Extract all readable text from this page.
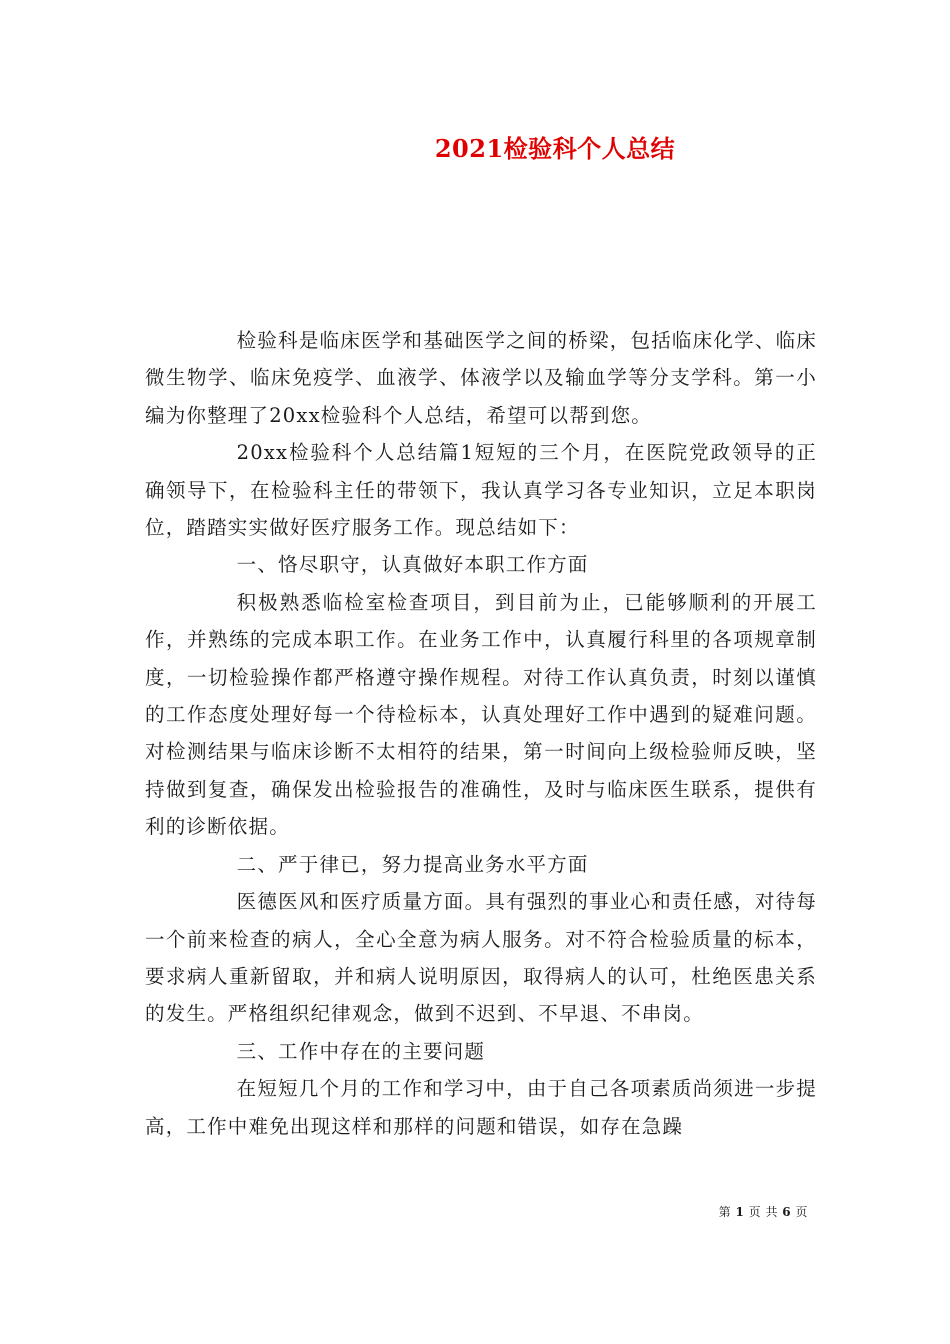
2021检验科个人总结

检验科是临床医学和基础医学之间的桥梁，包括临床化学、临床微生物学、临床免疫学、血液学、体液学以及输血学等分支学科。第一小编为你整理了20xx检验科个人总结，希望可以帮到您。

20xx检验科个人总结篇1短短的三个月，在医院党政领导的正确领导下，在检验科主任的带领下，我认真学习各专业知识，立足本职岗位，踏踏实实做好医疗服务工作。现总结如下：

一、恪尽职守，认真做好本职工作方面

积极熟悉临检室检查项目，到目前为止，已能够顺利的开展工作，并熟练的完成本职工作。在业务工作中，认真履行科里的各项规章制度，一切检验操作都严格遵守操作规程。对待工作认真负责，时刻以谨慎的工作态度处理好每一个待检标本，认真处理好工作中遇到的疑难问题。对检测结果与临床诊断不太相符的结果，第一时间向上级检验师反映，坚持做到复查，确保发出检验报告的准确性，及时与临床医生联系，提供有利的诊断依据。

二、严于律已，努力提高业务水平方面

医德医风和医疗质量方面。具有强烈的事业心和责任感，对待每一个前来检查的病人，全心全意为病人服务。对不符合检验质量的标本，要求病人重新留取，并和病人说明原因，取得病人的认可，杜绝医患关系的发生。严格组织纪律观念，做到不迟到、不早退、不串岗。

三、工作中存在的主要问题

在短短几个月的工作和学习中，由于自己各项素质尚须进一步提高，工作中难免出现这样和那样的问题和错误，如存在急躁

第 1 页 共 6 页
